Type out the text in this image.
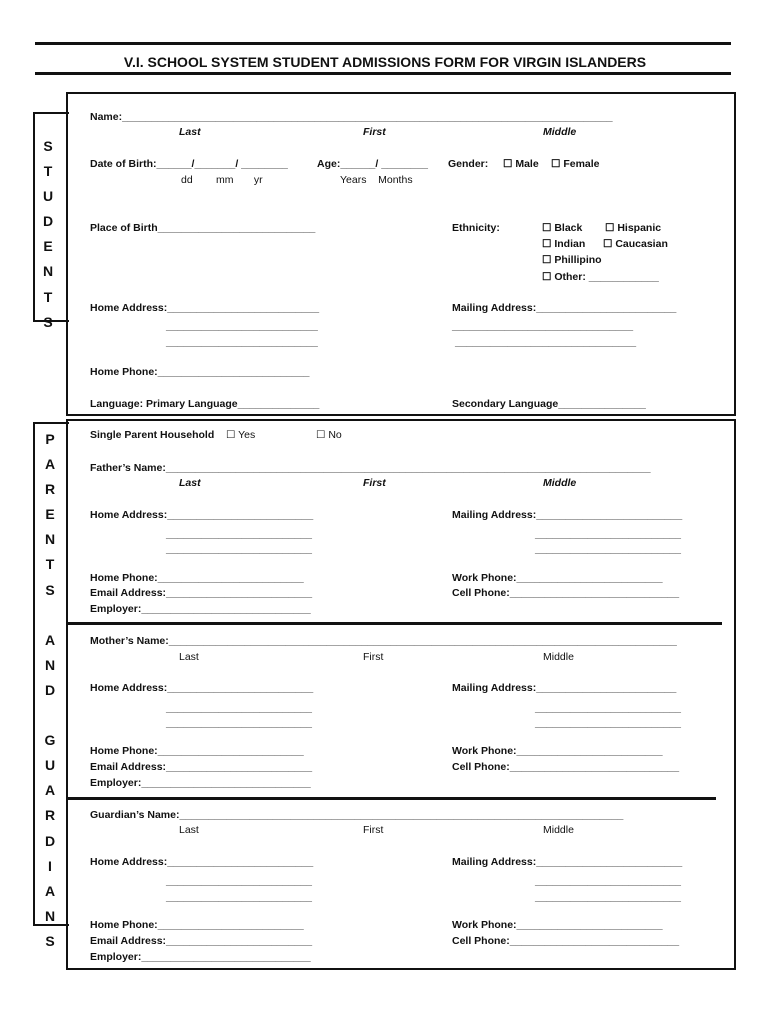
V.I. SCHOOL SYSTEM STUDENT ADMISSIONS FORM FOR VIRGIN ISLANDERS
S
T
U
D
E
N
T
S
Name:____________________________________________________________________________________
Last	First	Middle
Date of Birth:______/_______/ ________
dd        mm       yr
Age:______/ ________
Years    Months
Gender: ☐ Male ☐ Female
Place of Birth___________________________	Ethnicity:	☐ Black ☐ Hispanic
☐ Indian ☐ Caucasian
☐ Phillipino
☐ Other: ____________
Home Address:__________________________
__________________________
__________________________
Mailing Address:________________________
_______________________________
_______________________________
Home Phone:__________________________
Language: Primary Language______________	Secondary Language_______________
P
A
R
E
N
T
S

A
N
D

G
U
A
R
D
I
A
N
S
Single Parent Household ☐ Yes	☐ No
Father’s Name:___________________________________________________________________________________
Last	First	Middle
Home Address:_________________________
_________________________
_________________________
Mailing Address:_________________________
_________________________
_________________________
Home Phone:_________________________
Email Address:_________________________
Employer:_____________________________
Work Phone:_________________________
Cell Phone:_____________________________
Mother’s Name:_______________________________________________________________________________________
Last	First	Middle
Home Address:_________________________
_________________________
_________________________
Mailing Address:________________________
_________________________
_________________________
Home Phone:_________________________
Email Address:_________________________
Employer:_____________________________
Work Phone:_________________________
Cell Phone:_____________________________
Guardian’s Name:____________________________________________________________________________
Last	First	Middle
Home Address:_________________________
_________________________
_________________________
Mailing Address:_________________________
_________________________
_________________________
Home Phone:_________________________
Email Address:_________________________
Employer:_____________________________
Work Phone:_________________________
Cell Phone:_____________________________
